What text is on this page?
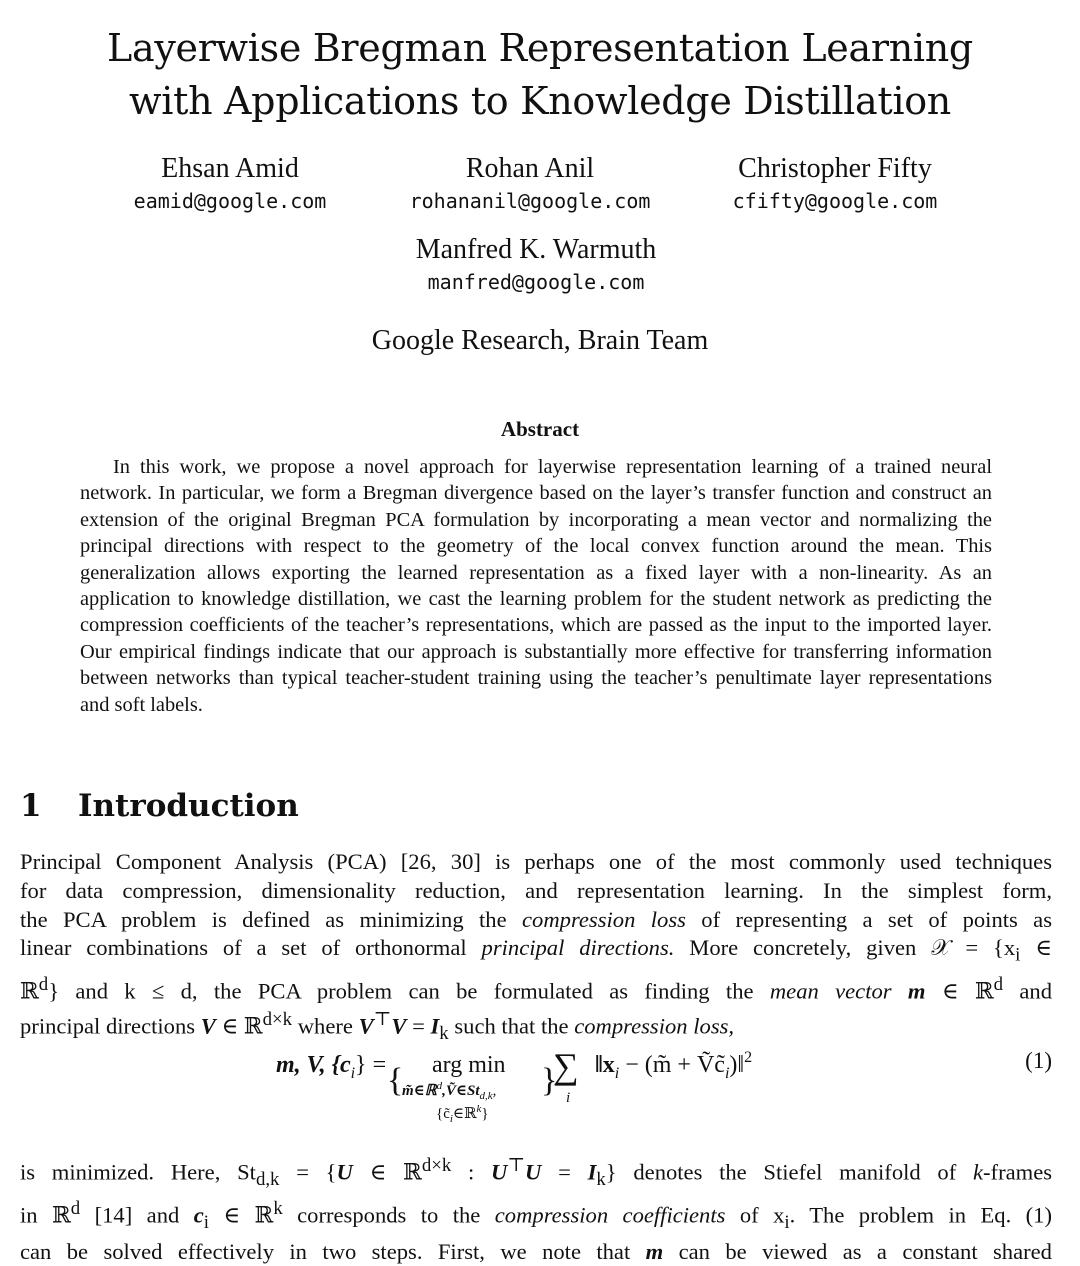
Layerwise Bregman Representation Learning
with Applications to Knowledge Distillation
Ehsan Amid
eamid@google.com
Rohan Anil
rohananil@google.com
Christopher Fifty
cfifty@google.com
Manfred K. Warmuth
manfred@google.com
Google Research, Brain Team
Abstract
In this work, we propose a novel approach for layerwise representation learning of a trained neural network. In particular, we form a Bregman divergence based on the layer’s transfer function and construct an extension of the original Bregman PCA formulation by incorporating a mean vector and normalizing the principal directions with respect to the geometry of the local convex function around the mean. This generalization allows exporting the learned representation as a fixed layer with a non-linearity. As an application to knowledge distillation, we cast the learning problem for the student network as predicting the compression coefficients of the teacher’s representations, which are passed as the input to the imported layer. Our empirical findings indicate that our approach is substantially more effective for transferring information between networks than typical teacher-student training using the teacher’s penultimate layer representations and soft labels.
1 Introduction
Principal Component Analysis (PCA) [26, 30] is perhaps one of the most commonly used techniques
for data compression, dimensionality reduction, and representation learning. In the simplest form,
the PCA problem is defined as minimizing the compression loss of representing a set of points as
linear combinations of a set of orthonormal principal directions. More concretely, given 𝒳 = {$x_i$ ∈
ℝ$^d$} and k ≤ d, the PCA problem can be formulated as finding the mean vector m ∈ ℝ$^d$ and
principal directions V ∈ ℝ$^{d\times k}$ where $V^⊤V = I_k$ such that the compression loss,
m, V, $\{c_i\}$ = arg min
{	}
$m̃\in ℝ^d,Ṽ\in St_{d,k}$,
$\{c̃_i\in ℝ^k\}$
∑
i
$‖x_i$ − (m̃ + $Ṽc̃_i)‖^2$	(1)
is minimized. Here, $St_{d,k} = \{U$ ∈ ℝ$^{d\times k}$ : $U^⊤U = I_k$} denotes the Stiefel manifold of k-frames
in ℝ$^d$ [14] and $c_i$ ∈ ℝ$^k$ corresponds to the compression coefficients of $x_i$. The problem in Eq. (1)
can be solved effectively in two steps. First, we note that m can be viewed as a constant shared
